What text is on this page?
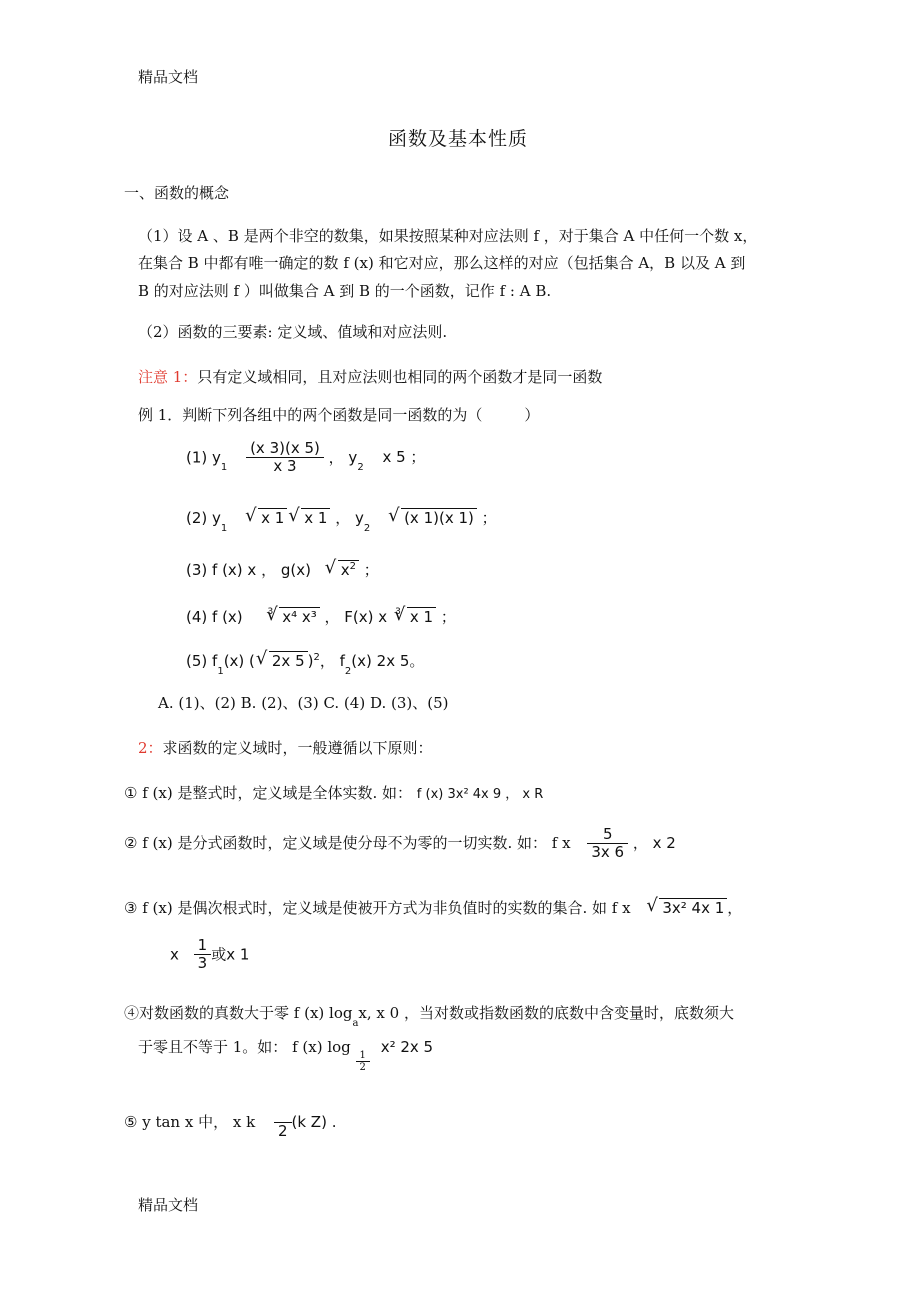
精品文档
函数及基本性质
一、函数的概念
（1）设 A 、B 是两个非空的数集，如果按照某种对应法则 f ，对于集合 A 中任何一个数 x，
在集合 B 中都有唯一确定的数 f (x) 和它对应，那么这样的对应（包括集合 A，B 以及 A 到
B 的对应法则 f ）叫做集合 A 到 B 的一个函数，记作 f : A B.
（2）函数的三要素: 定义域、值域和对应法则.
注意 1：只有定义域相同，且对应法则也相同的两个函数才是同一函数
例 1．判断下列各组中的两个函数是同一函数的为（	）
(1) $y_1 \frac{(x 3)(x 5)}{x 3}$ ， $y_2$ x 5 ；
(2) $y_1$ √ x 1 √ x 1 ， $y_2$ √ (x 1)(x 1) ；
(3) f (x) x ， g(x) √ $x^2$ ；
(4) f (x)	$^3$ √ x⁴ x³ ， F(x) x $^3$ √ x 1 ；
(5) $f_1(x)$ ( √ 2x 5 )$^2$， $f_2(x)$ 2x 5。
A. (1)、(2) B. (2)、(3) C. (4) D. (3)、(5)
2：求函数的定义域时，一般遵循以下原则：
① f (x) 是整式时，定义域是全体实数. 如： f (x) 3x² 4x 9 ， x R
② f (x) 是分式函数时，定义域是使分母不为零的一切实数. 如： f x $\frac{5}{3x 6}$ ， x 2
③ f (x) 是偶次根式时，定义域是使被开方式为非负值时的实数的集合. 如 f x √ 3x² 4x 1 ，
x $\frac{1}{3}$ 或x 1
④对数函数的真数大于零 f (x) $\log_ax$, x 0 ，当对数或指数函数的底数中含变量时，底数须大
于零且不等于 1。如： f (x) log
$\frac{1}{2}$
x² 2x 5
⑤ y tan x 中， x k

2
(k Z) .
精品文档
